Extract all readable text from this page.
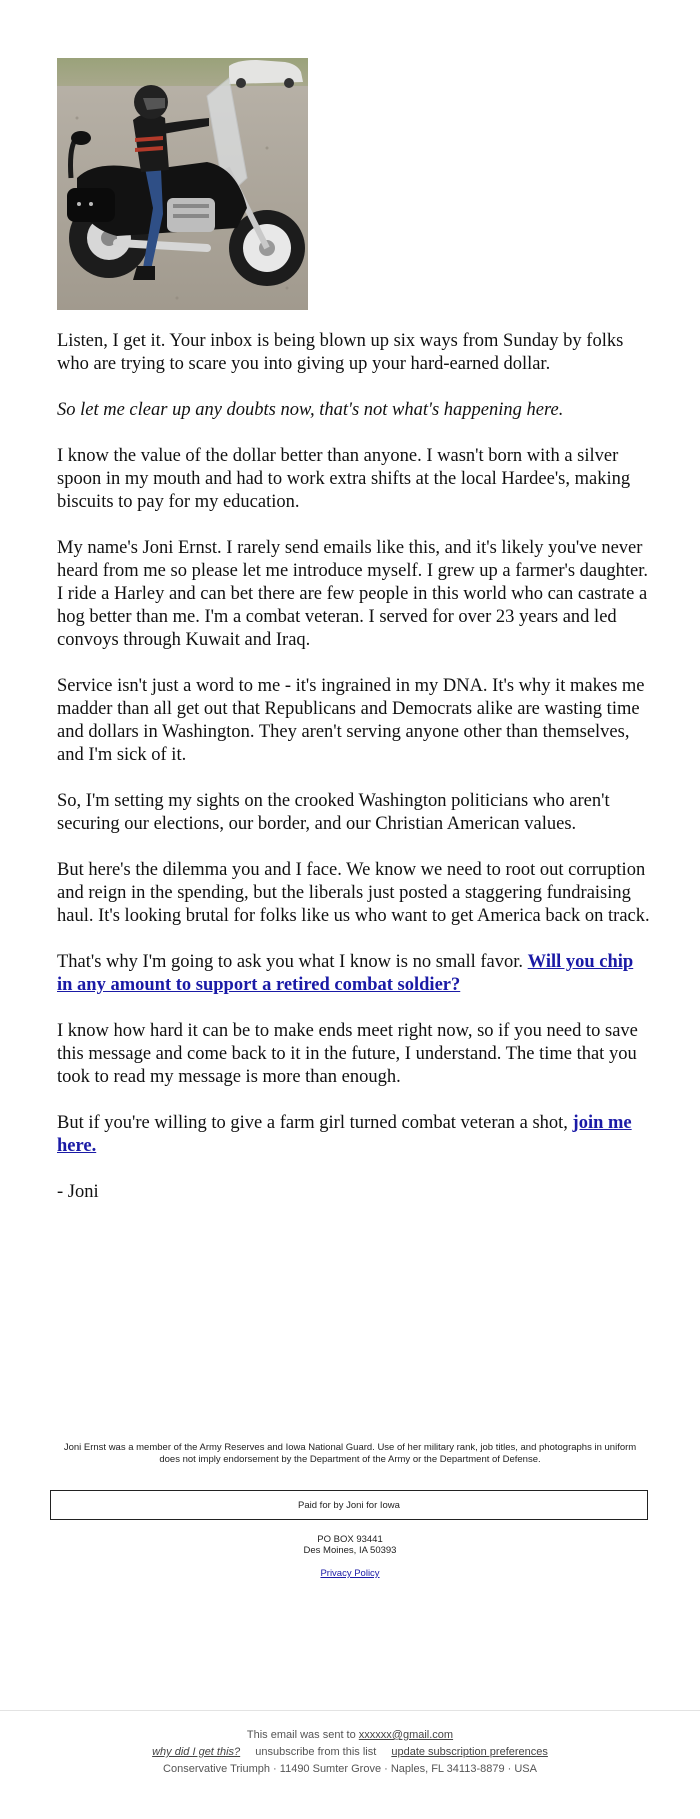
Listen, I get it. Your inbox is being blown up six ways from Sunday by folks who are trying to scare you into giving up your hard-earned dollar.

So let me clear up any doubts now, that's not what's happening here.

I know the value of the dollar better than anyone. I wasn't born with a silver spoon in my mouth and had to work extra shifts at the local Hardee's, making biscuits to pay for my education.

My name's Joni Ernst. I rarely send emails like this, and it's likely you've never heard from me so please let me introduce myself. I grew up a farmer's daughter. I ride a Harley and can bet there are few people in this world who can castrate a hog better than me. I'm a combat veteran. I served for over 23 years and led convoys through Kuwait and Iraq.

Service isn't just a word to me - it's ingrained in my DNA. It's why it makes me madder than all get out that Republicans and Democrats alike are wasting time and dollars in Washington. They aren't serving anyone other than themselves, and I'm sick of it.

So, I'm setting my sights on the crooked Washington politicians who aren't securing our elections, our border, and our Christian American values.

But here's the dilemma you and I face. We know we need to root out corruption and reign in the spending, but the liberals just posted a staggering fundraising haul. It's looking brutal for folks like us who want to get America back on track.

That's why I'm going to ask you what I know is no small favor. Will you chip in any amount to support a retired combat soldier?

I know how hard it can be to make ends meet right now, so if you need to save this message and come back to it in the future, I understand. The time that you took to read my message is more than enough.

But if you're willing to give a farm girl turned combat veteran a shot, join me here.

- Joni

Joni Ernst was a member of the Army Reserves and Iowa National Guard. Use of her military rank, job titles, and photographs in uniform does not imply endorsement by the Department of the Army or the Department of Defense.
Paid for by Joni for Iowa
PO BOX 93441
Des Moines, IA 50393
Privacy Policy
This email was sent to xxxxxx@gmail.com
why did I get this? unsubscribe from this list update subscription preferences
Conservative Triumph · 11490 Sumter Grove · Naples, FL 34113-8879 · USA
